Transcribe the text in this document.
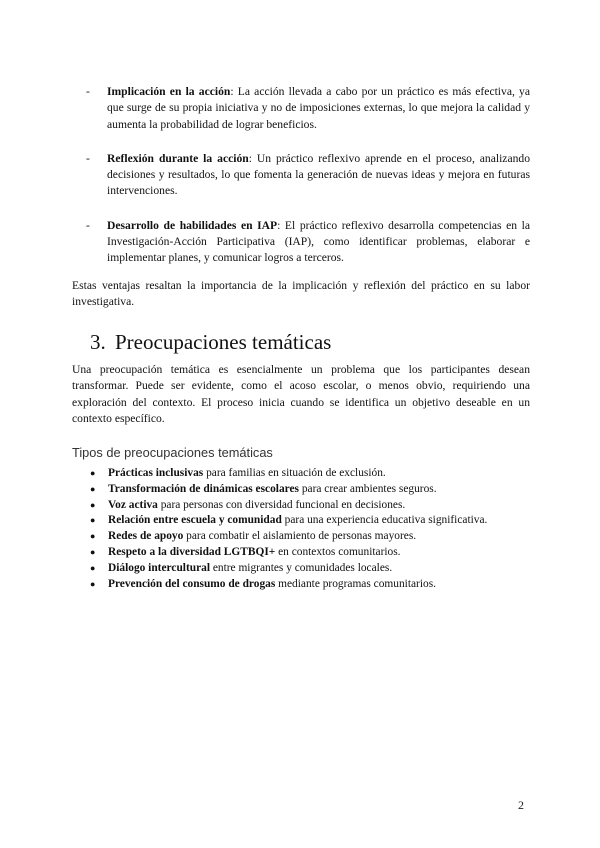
- Implicación en la acción: La acción llevada a cabo por un práctico es más efectiva, ya que surge de su propia iniciativa y no de imposiciones externas, lo que mejora la calidad y aumenta la probabilidad de lograr beneficios.
- Reflexión durante la acción: Un práctico reflexivo aprende en el proceso, analizando decisiones y resultados, lo que fomenta la generación de nuevas ideas y mejora en futuras intervenciones.
- Desarrollo de habilidades en IAP: El práctico reflexivo desarrolla competencias en la Investigación-Acción Participativa (IAP), como identificar problemas, elaborar e implementar planes, y comunicar logros a terceros.

Estas ventajas resaltan la importancia de la implicación y reflexión del práctico en su labor investigativa.

3. Preocupaciones temáticas

Una preocupación temática es esencialmente un problema que los participantes desean transformar. Puede ser evidente, como el acoso escolar, o menos obvio, requiriendo una exploración del contexto. El proceso inicia cuando se identifica un objetivo deseable en un contexto específico.

Tipos de preocupaciones temáticas
● Prácticas inclusivas para familias en situación de exclusión.
● Transformación de dinámicas escolares para crear ambientes seguros.
● Voz activa para personas con diversidad funcional en decisiones.
● Relación entre escuela y comunidad para una experiencia educativa significativa.
● Redes de apoyo para combatir el aislamiento de personas mayores.
● Respeto a la diversidad LGTBQI+ en contextos comunitarios.
● Diálogo intercultural entre migrantes y comunidades locales.
● Prevención del consumo de drogas mediante programas comunitarios.
2
